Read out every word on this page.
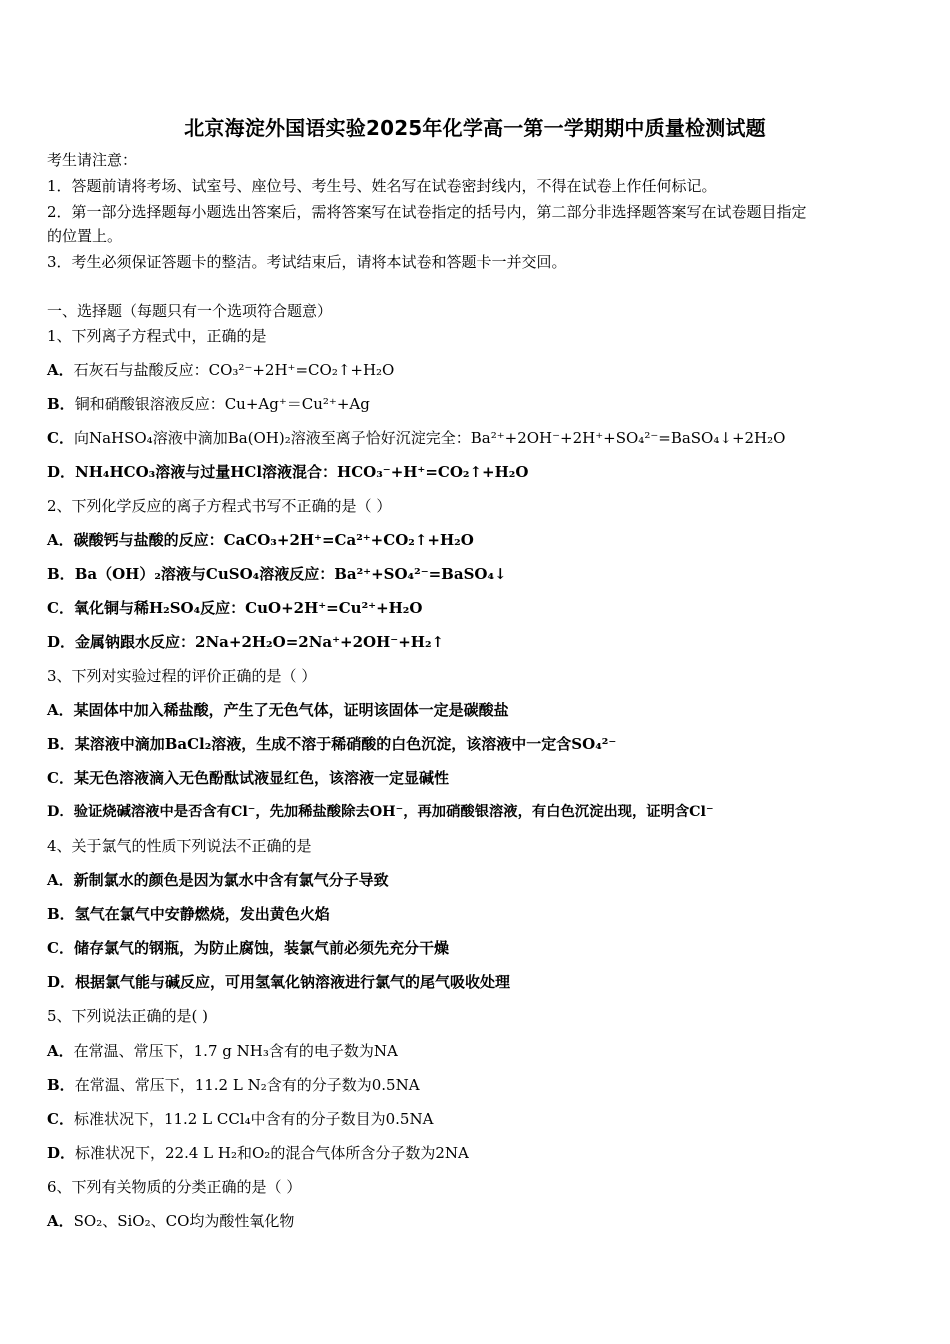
北京海淀外国语实验2025年化学高一第一学期期中质量检测试题
考生请注意：
1．答题前请将考场、试室号、座位号、考生号、姓名写在试卷密封线内，不得在试卷上作任何标记。
2．第一部分选择题每小题选出答案后，需将答案写在试卷指定的括号内，第二部分非选择题答案写在试卷题目指定
的位置上。
3．考生必须保证答题卡的整洁。考试结束后，请将本试卷和答题卡一并交回。
一、选择题（每题只有一个选项符合题意）
1、下列离子方程式中，正确的是
A．石灰石与盐酸反应：CO₃²⁻+2H⁺=CO₂↑+H₂O
B．铜和硝酸银溶液反应：Cu+Ag⁺＝Cu²⁺+Ag
C．向NaHSO₄溶液中滴加Ba(OH)₂溶液至离子恰好沉淀完全：Ba²⁺+2OH⁻+2H⁺+SO₄²⁻=BaSO₄↓+2H₂O
D．NH₄HCO₃溶液与过量HCl溶液混合：HCO₃⁻+H⁺=CO₂↑+H₂O
2、下列化学反应的离子方程式书写不正确的是（ ）
A．碳酸钙与盐酸的反应：CaCO₃+2H⁺=Ca²⁺+CO₂↑+H₂O
B．Ba（OH）₂溶液与CuSO₄溶液反应：Ba²⁺+SO₄²⁻=BaSO₄↓
C．氧化铜与稀H₂SO₄反应：CuO+2H⁺=Cu²⁺+H₂O
D．金属钠跟水反应：2Na+2H₂O=2Na⁺+2OH⁻+H₂↑
3、下列对实验过程的评价正确的是（ ）
A．某固体中加入稀盐酸，产生了无色气体，证明该固体一定是碳酸盐
B．某溶液中滴加BaCl₂溶液，生成不溶于稀硝酸的白色沉淀，该溶液中一定含SO₄²⁻
C．某无色溶液滴入无色酚酞试液显红色，该溶液一定显碱性
D．验证烧碱溶液中是否含有Cl⁻，先加稀盐酸除去OH⁻，再加硝酸银溶液，有白色沉淀出现，证明含Cl⁻
4、关于氯气的性质下列说法不正确的是
A．新制氯水的颜色是因为氯水中含有氯气分子导致
B．氢气在氯气中安静燃烧，发出黄色火焰
C．储存氯气的钢瓶，为防止腐蚀，装氯气前必须先充分干燥
D．根据氯气能与碱反应，可用氢氧化钠溶液进行氯气的尾气吸收处理
5、下列说法正确的是( )
A．在常温、常压下，1.7 g NH₃含有的电子数为NA
B．在常温、常压下，11.2 L N₂含有的分子数为0.5NA
C．标准状况下，11.2 L CCl₄中含有的分子数目为0.5NA
D．标准状况下，22.4 L H₂和O₂的混合气体所含分子数为2NA
6、下列有关物质的分类正确的是（ ）
A．SO₂、SiO₂、CO均为酸性氧化物
